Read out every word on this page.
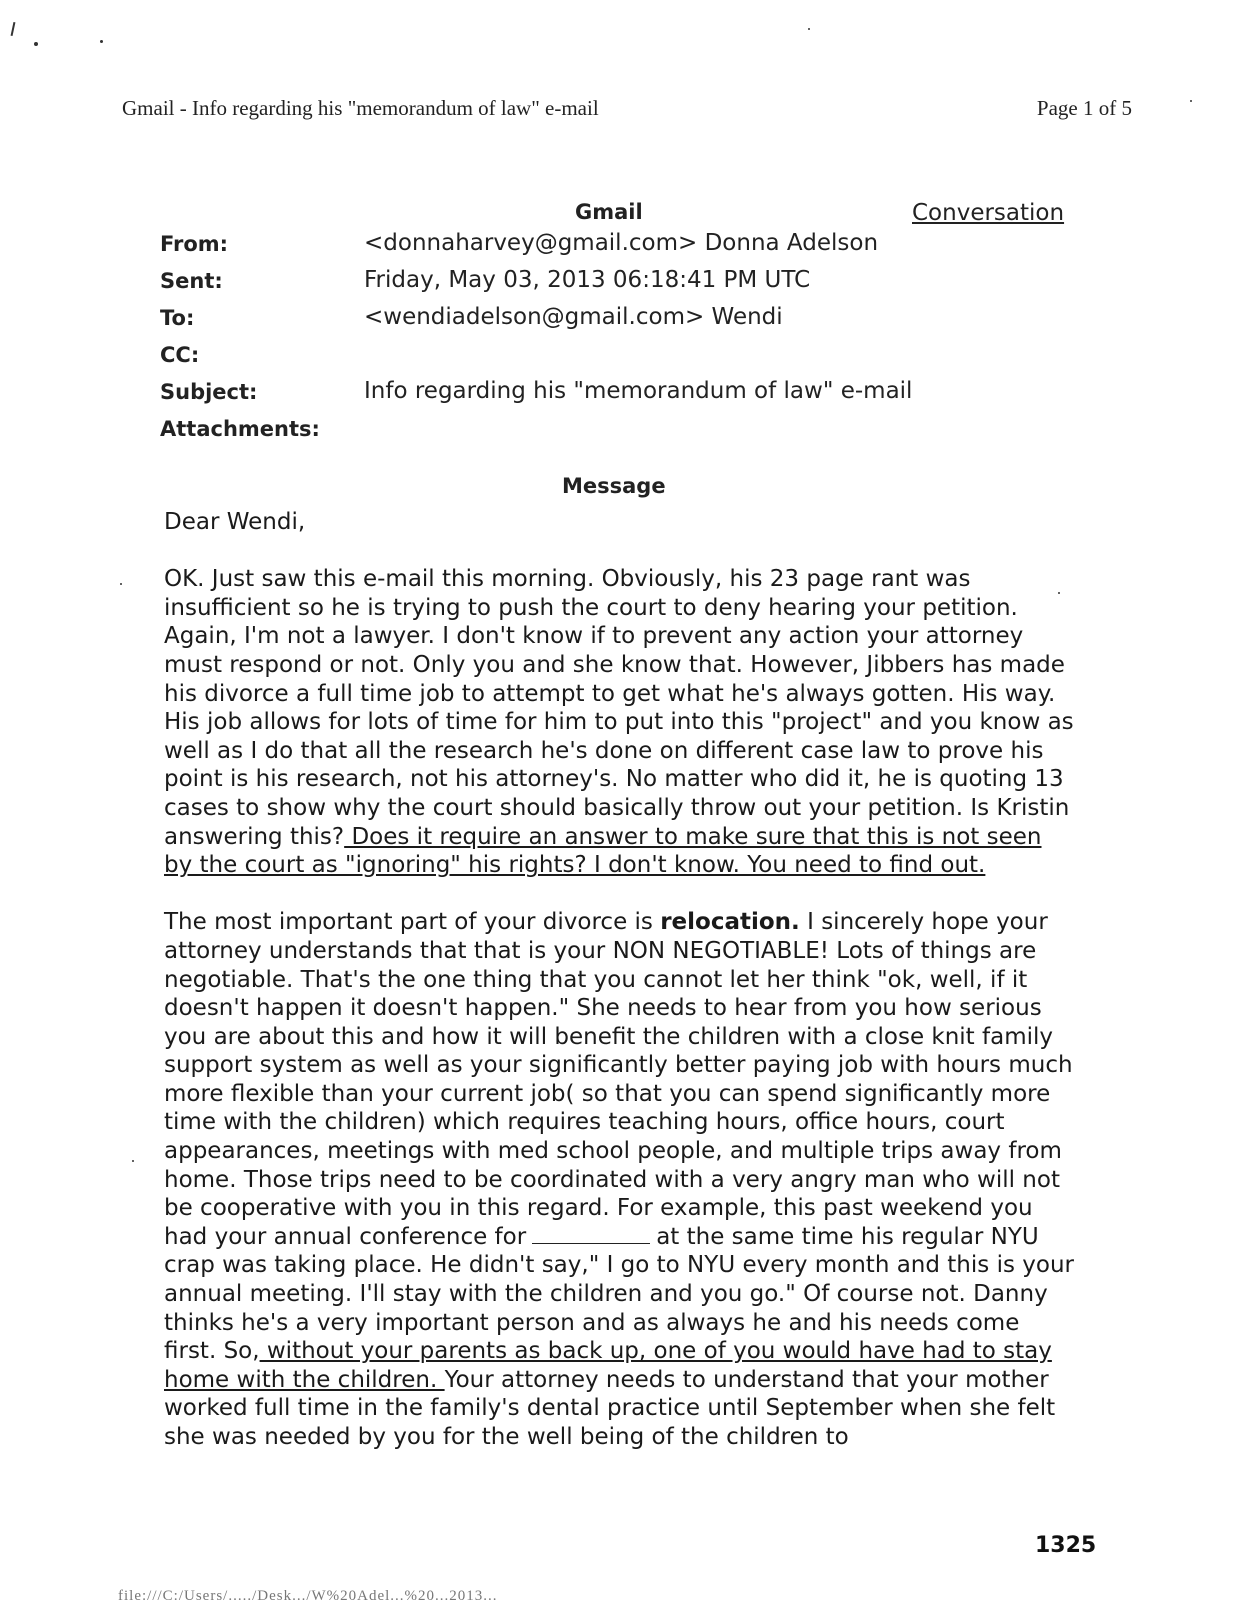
Gmail - Info regarding his "memorandum of law" e-mail	Page 1 of 5
Gmail	Conversation
From:	<donnaharvey@gmail.com> Donna Adelson
Sent:	Friday, May 03, 2013 06:18:41 PM UTC
To:	<wendiadelson@gmail.com> Wendi
CC:
Subject:	Info regarding his "memorandum of law" e-mail
Attachments:
Message

Dear Wendi,

OK. Just saw this e-mail this morning. Obviously, his 23 page rant was insufficient so he is trying to push the court to deny hearing your petition. Again, I'm not a lawyer. I don't know if to prevent any action your attorney must respond or not. Only you and she know that. However, Jibbers has made his divorce a full time job to attempt to get what he's always gotten. His way. His job allows for lots of time for him to put into this "project" and you know as well as I do that all the research he's done on different case law to prove his point is his research, not his attorney's. No matter who did it, he is quoting 13 cases to show why the court should basically throw out your petition. Is Kristin answering this? Does it require an answer to make sure that this is not seen by the court as "ignoring" his rights? I don't know. You need to find out.

The most important part of your divorce is relocation. I sincerely hope your attorney understands that that is your NON NEGOTIABLE! Lots of things are negotiable. That's the one thing that you cannot let her think "ok, well, if it doesn't happen it doesn't happen." She needs to hear from you how serious you are about this and how it will benefit the children with a close knit family support system as well as your significantly better paying job with hours much more flexible than your current job( so that you can spend significantly more time with the children) which requires teaching hours, office hours, court appearances, meetings with med school people, and multiple trips away from home. Those trips need to be coordinated with a very angry man who will not be cooperative with you in this regard. For example, this past weekend you had your annual conference for	at the same time his regular NYU crap was taking place. He didn't say," I go to NYU every month and this is your annual meeting. I'll stay with the children and you go." Of course not. Danny thinks he's a very important person and as always he and his needs come first. So, without your parents as back up, one of you would have had to stay home with the children. Your attorney needs to understand that your mother worked full time in the family's dental practice until September when she felt she was needed by you for the well being of the children to

1325
file:///C:/Users/...../Desk.../W%20Adel...%20...2013...
